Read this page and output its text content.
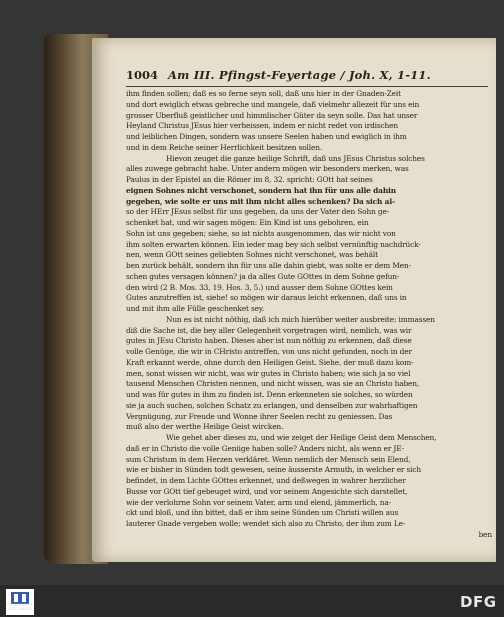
1004 Am III. Pfingst-Feyertage / Joh. X, 1-11.
ihm finden sollen; daß es so ferne seyn soll, daß uns hier in der Gnaden-Zeit
und dort ewiglich etwas gebreche und mangele, daß vielmehr allezeit für uns ein
grosser Uberfluß geistlicher und himmlischer Güter da seyn solle. Das hat unser
Heyland Christus JEsus hier verheissen, indem er nicht redet von irdischen
und leiblichen Dingen, sondern was unsere Seelen haben und ewiglich in ihm
und in dem Reiche seiner Herrlichkeit besitzen sollen.
Hievon zeuget die ganze heilige Schrift, daß uns JEsus Christus solches
alles zuwege gebracht habe. Unter andern mögen wir besonders merken, was
Paulus in der Epistel an die Römer im 8, 32. spricht: GOtt hat seines
eignen Sohnes nicht verschonet, sondern hat ihn für uns alle dahin
gegeben, wie solte er uns mit ihm nicht alles schenken? Da sich al-
so der HErr JEsus selbst für uns gegeben, da uns der Vater den Sohn ge-
schenket hat, und wir sagen mögen: Ein Kind ist uns gebohren, ein
Sohn ist uns gegeben; siehe, so ist nichts ausgenommen, das wir nicht von
ihm solten erwarten können. Ein ieder mag bey sich selbst vernünftig nachdrück-
nen, wenn GOtt seines geliebten Sohnes nicht verschonet, was behält
ben zurück behält, sondern ihn für uns alle dahin giebt, was solte er dem Men-
schen gutes versagen können? ja da alles Gute GOttes in dem Sohne gefun-
den wird (2 B. Mos. 33, 19. Hos. 3, 5.) und ausser dem Sohne GOttes kein
Gutes anzutreffen ist, siehe! so mögen wir daraus leicht erkennen, daß uns in
und mit ihm alle Fülle geschenket sey.
Nun es ist nicht nöthig, daß ich mich hierüber weiter ausbreite: immassen
diß die Sache ist, die bey aller Gelegenheit vorgetragen wird, nemlich, was wir
gutes in JEsu Christo haben. Dieses aber ist nun nöthig zu erkennen, daß diese
volle Genüge, die wir in CHristo antreffen, von uns nicht gefunden, noch in der
Kraft erkannt werde, ohne durch den Heiligen Geist. Siehe, der muß dazu kom-
men, sonst wissen wir nicht, was wir gutes in Christo haben; wie sich ja so viel
tausend Menschen Christen nennen, und nicht wissen, was sie an Christo haben,
und was für gutes in ihm zu finden ist. Denn erkenneten sie solches, so würden
sie ja auch suchen, solchen Schatz zu erlangen, und denselben zur wahrhaftigen
Vergnügung, zur Freude und Wonne ihrer Seelen recht zu geniessen. Das
muß also der werthe Heilige Geist wircken.
Wie gehet aber dieses zu, und wie zeiget der Heilige Geist dem Menschen,
daß er in Christo die volle Genüge haben solle? Anders nicht, als wenn er JE-
sum Christum in dem Herzen verkläret. Wenn nemlich der Mensch sein Elend,
wie er bisher in Sünden todt gewesen, seine äusserste Armuth, in welcher er sich
befindet, in dem Lichte GOttes erkennet, und deßwegen in wahrer herzlicher
Busse vor GOtt tief gebeuget wird, und vor seinem Angesichte sich darstellet,
wie der verlohrne Sohn vor seinem Vater, arm und elend, jämmerlich, na-
ckt und bloß, und ihn bittet, daß er ihm seine Sünden um Christi willen aus
lauterer Gnade vergeben wolle; wendet sich also zu Christo, der ihm zum Le-
ben
FRANCKESCHE STIFTUNGEN	DFG
